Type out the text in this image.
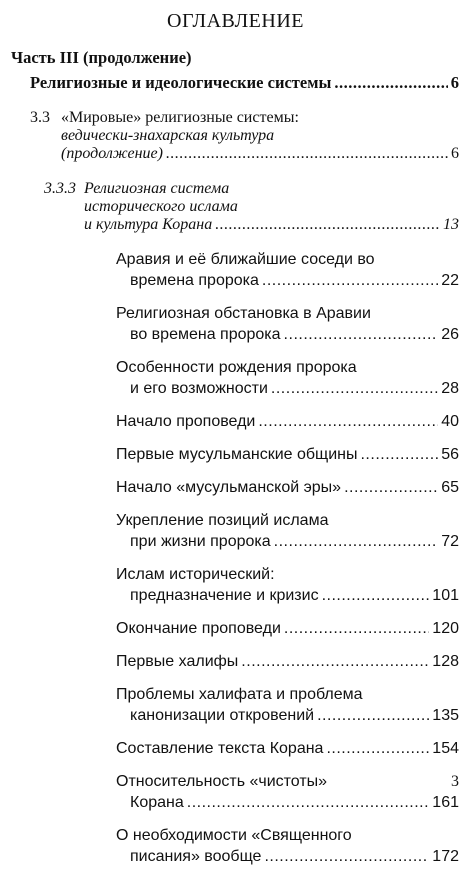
ОГЛАВЛЕНИЕ
Часть III (продолжение)
Религиозные и идеологические системы .....	6
3.3 «Мировые» религиозные системы:
ведически-знахарская культура
(продолжение) .....	6
3.3.3 Религиозная система
исторического ислама
и культура Корана .....	13
Аравия и её ближайшие соседи во
времена пророка .....	22
Религиозная обстановка в Аравии
во времена пророка .....	26
Особенности рождения пророка
и его возможности .....	28
Начало проповеди .....	40
Первые мусульманские общины .....	56
Начало «мусульманской эры» .....	65
Укрепление позиций ислама
при жизни пророка .....	72
Ислам исторический:
предназначение и кризис .....	101
Окончание проповеди .....	120
Первые халифы .....	128
Проблемы халифата и проблема
канонизации откровений .....	135
Составление текста Корана .....	154
Относительность «чистоты»
Корана .....	161
О необходимости «Священного
писания» вообще .....	172
3
